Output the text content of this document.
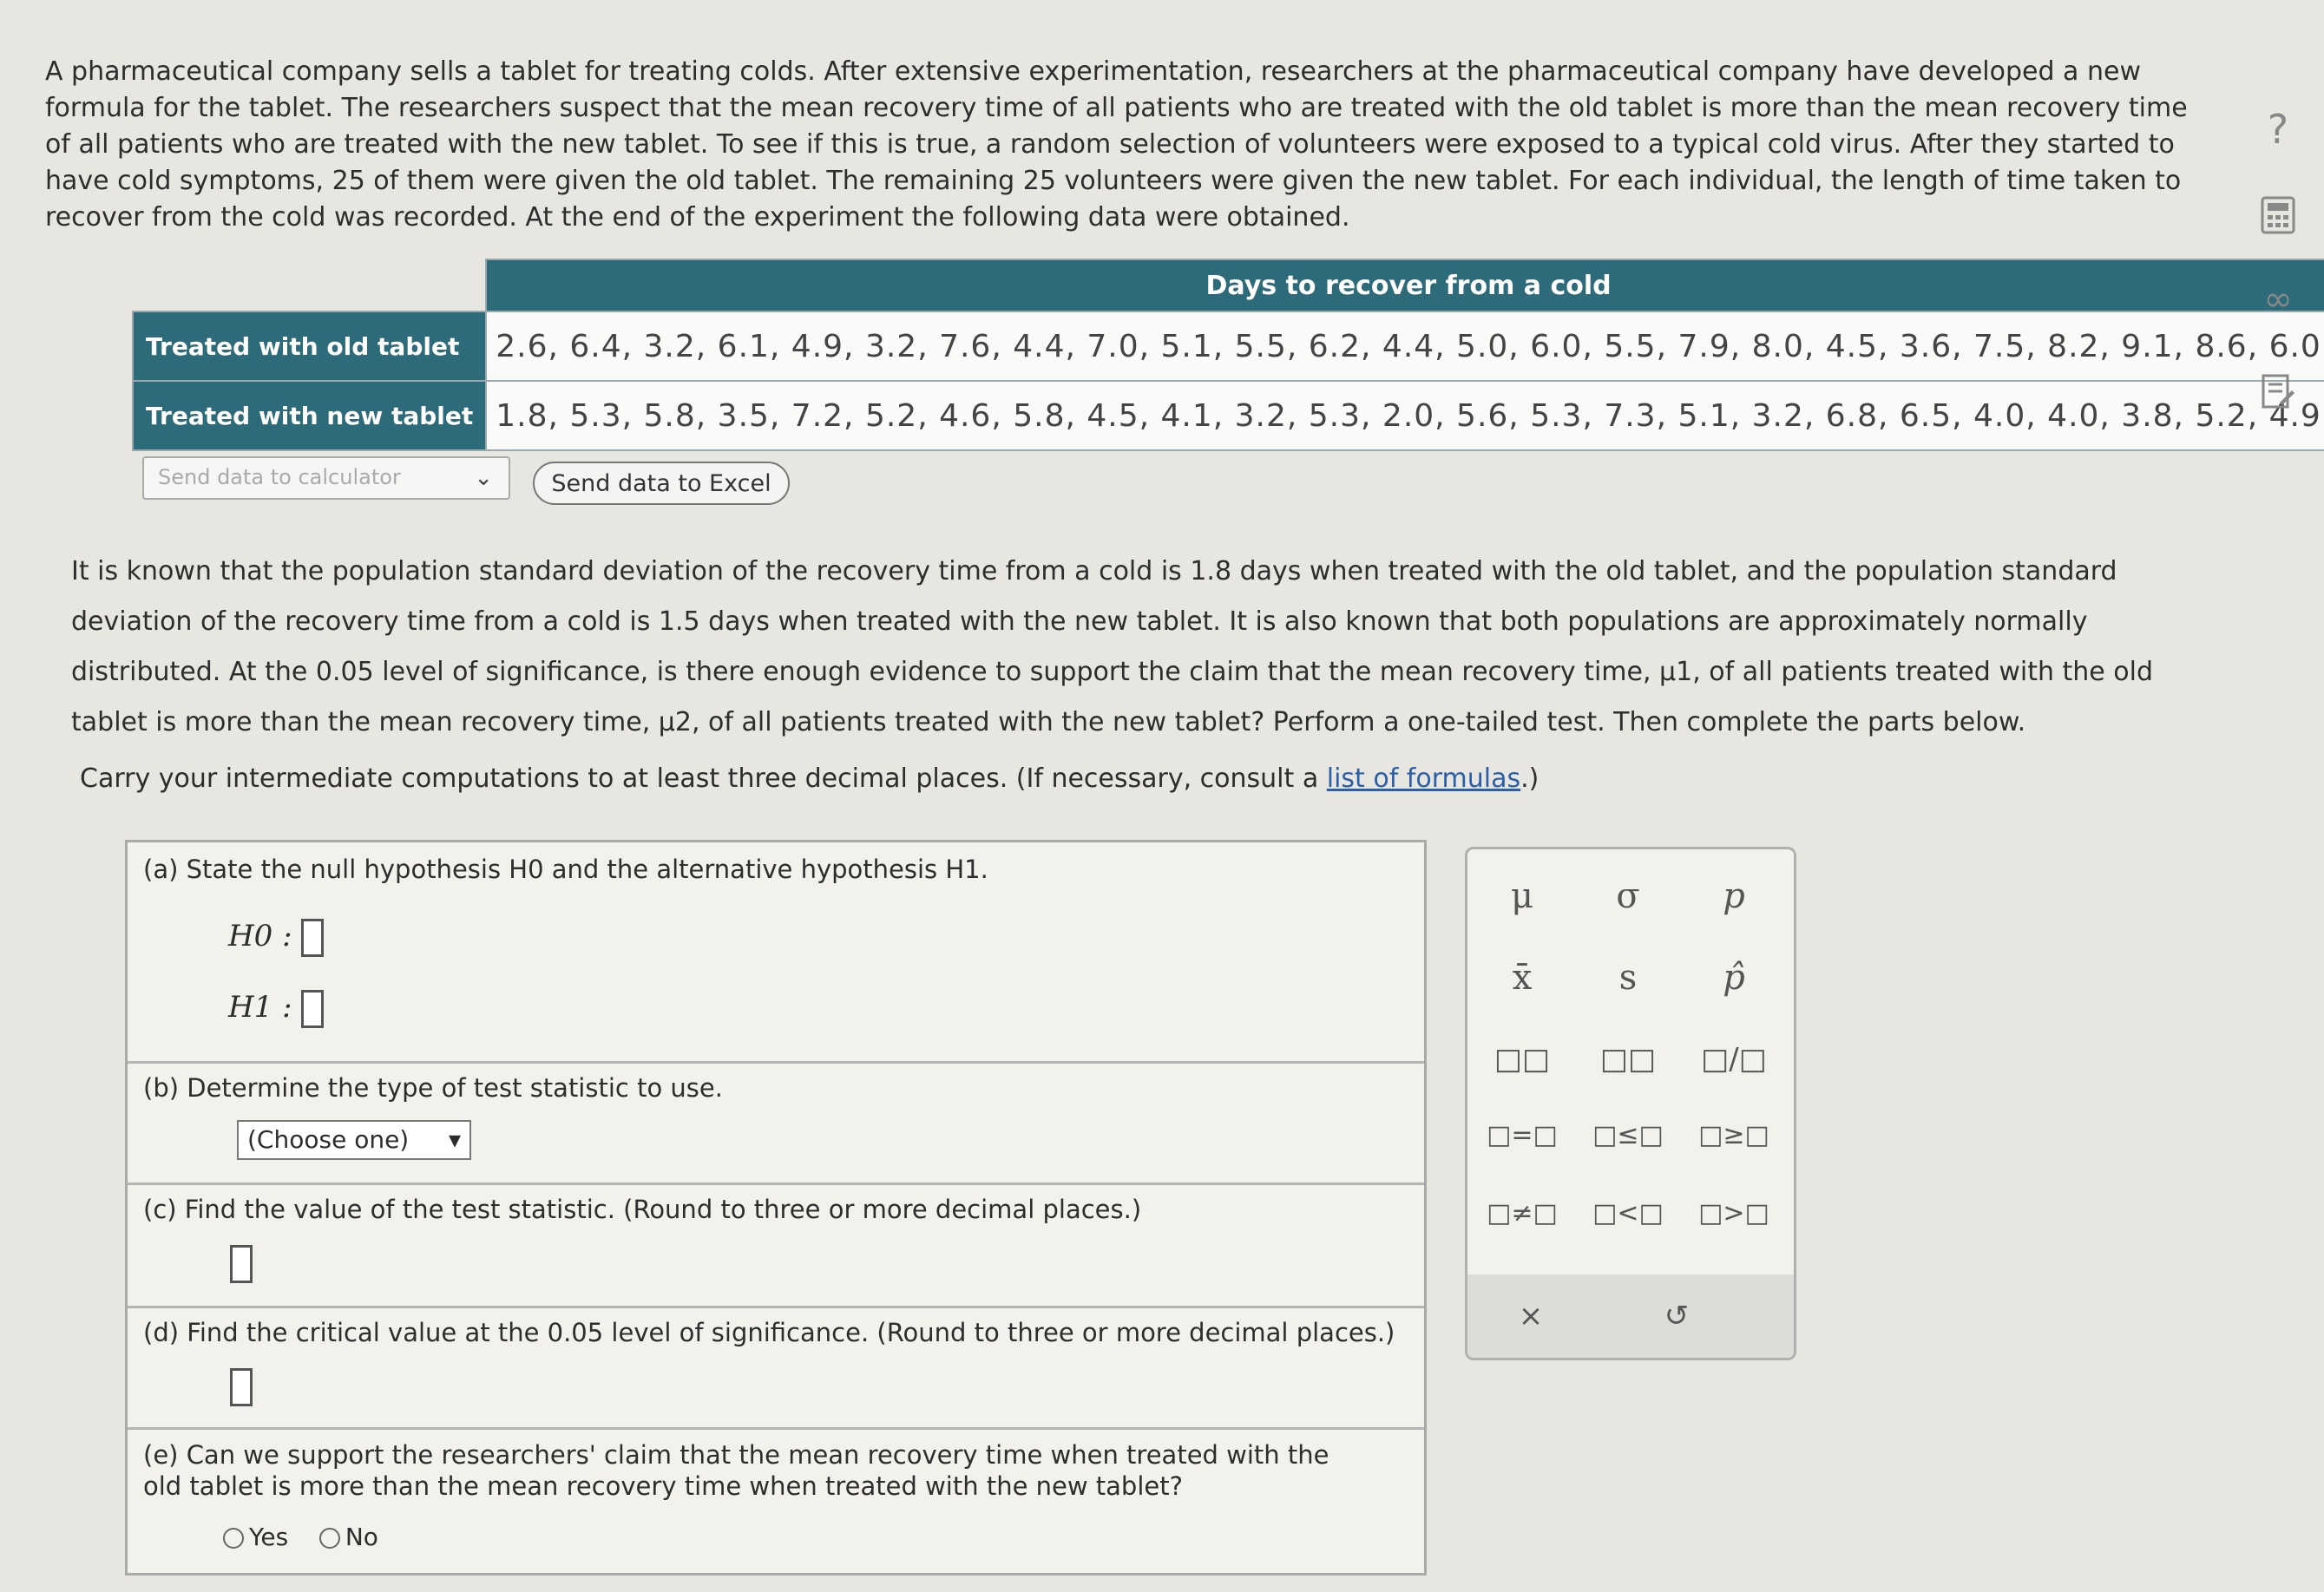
A pharmaceutical company sells a tablet for treating colds. After extensive experimentation, researchers at the pharmaceutical company have developed a new formula for the tablet. The researchers suspect that the mean recovery time of all patients who are treated with the old tablet is more than the mean recovery time of all patients who are treated with the new tablet. To see if this is true, a random selection of volunteers were exposed to a typical cold virus. After they started to have cold symptoms, 25 of them were given the old tablet. The remaining 25 volunteers were given the new tablet. For each individual, the length of time taken to recover from the cold was recorded. At the end of the experiment the following data were obtained.

	Days to recover from a cold
Treated with old tablet	2.6, 6.4, 3.2, 6.1, 4.9, 3.2, 7.6, 4.4, 7.0, 5.1, 5.5, 6.2, 4.4, 5.0, 6.0, 5.5, 7.9, 8.0, 4.5, 3.6, 7.5, 8.2, 9.1, 8.6, 6.0
Treated with new tablet	1.8, 5.3, 5.8, 3.5, 7.2, 5.2, 4.6, 5.8, 4.5, 4.1, 3.2, 5.3, 2.0, 5.6, 5.3, 7.3, 5.1, 3.2, 6.8, 6.5, 4.0, 4.0, 3.8, 5.2, 4.9
Send data to calculator	⌄	Send data to Excel

It is known that the population standard deviation of the recovery time from a cold is 1.8 days when treated with the old tablet, and the population standard deviation of the recovery time from a cold is 1.5 days when treated with the new tablet. It is also known that both populations are approximately normally distributed. At the 0.05 level of significance, is there enough evidence to support the claim that the mean recovery time, μ1, of all patients treated with the old tablet is more than the mean recovery time, μ2, of all patients treated with the new tablet? Perform a one-tailed test. Then complete the parts below.

Carry your intermediate computations to at least three decimal places. (If necessary, consult a list of formulas.)

(a) State the null hypothesis H0 and the alternative hypothesis H1.
H0 :
H1 :
(b) Determine the type of test statistic to use.
(Choose one) ▾
(c) Find the value of the test statistic. (Round to three or more decimal places.)
(d) Find the critical value at the 0.05 level of significance. (Round to three or more decimal places.)
(e) Can we support the researchers' claim that the mean recovery time when treated with the old tablet is more than the mean recovery time when treated with the new tablet?
Yes No
μ	σ	p
x̄	s	p̂
□□	□□	□/□
□=□ □≤□ □≥□
□≠□ □<□ □>□
×	↺
?
∞
